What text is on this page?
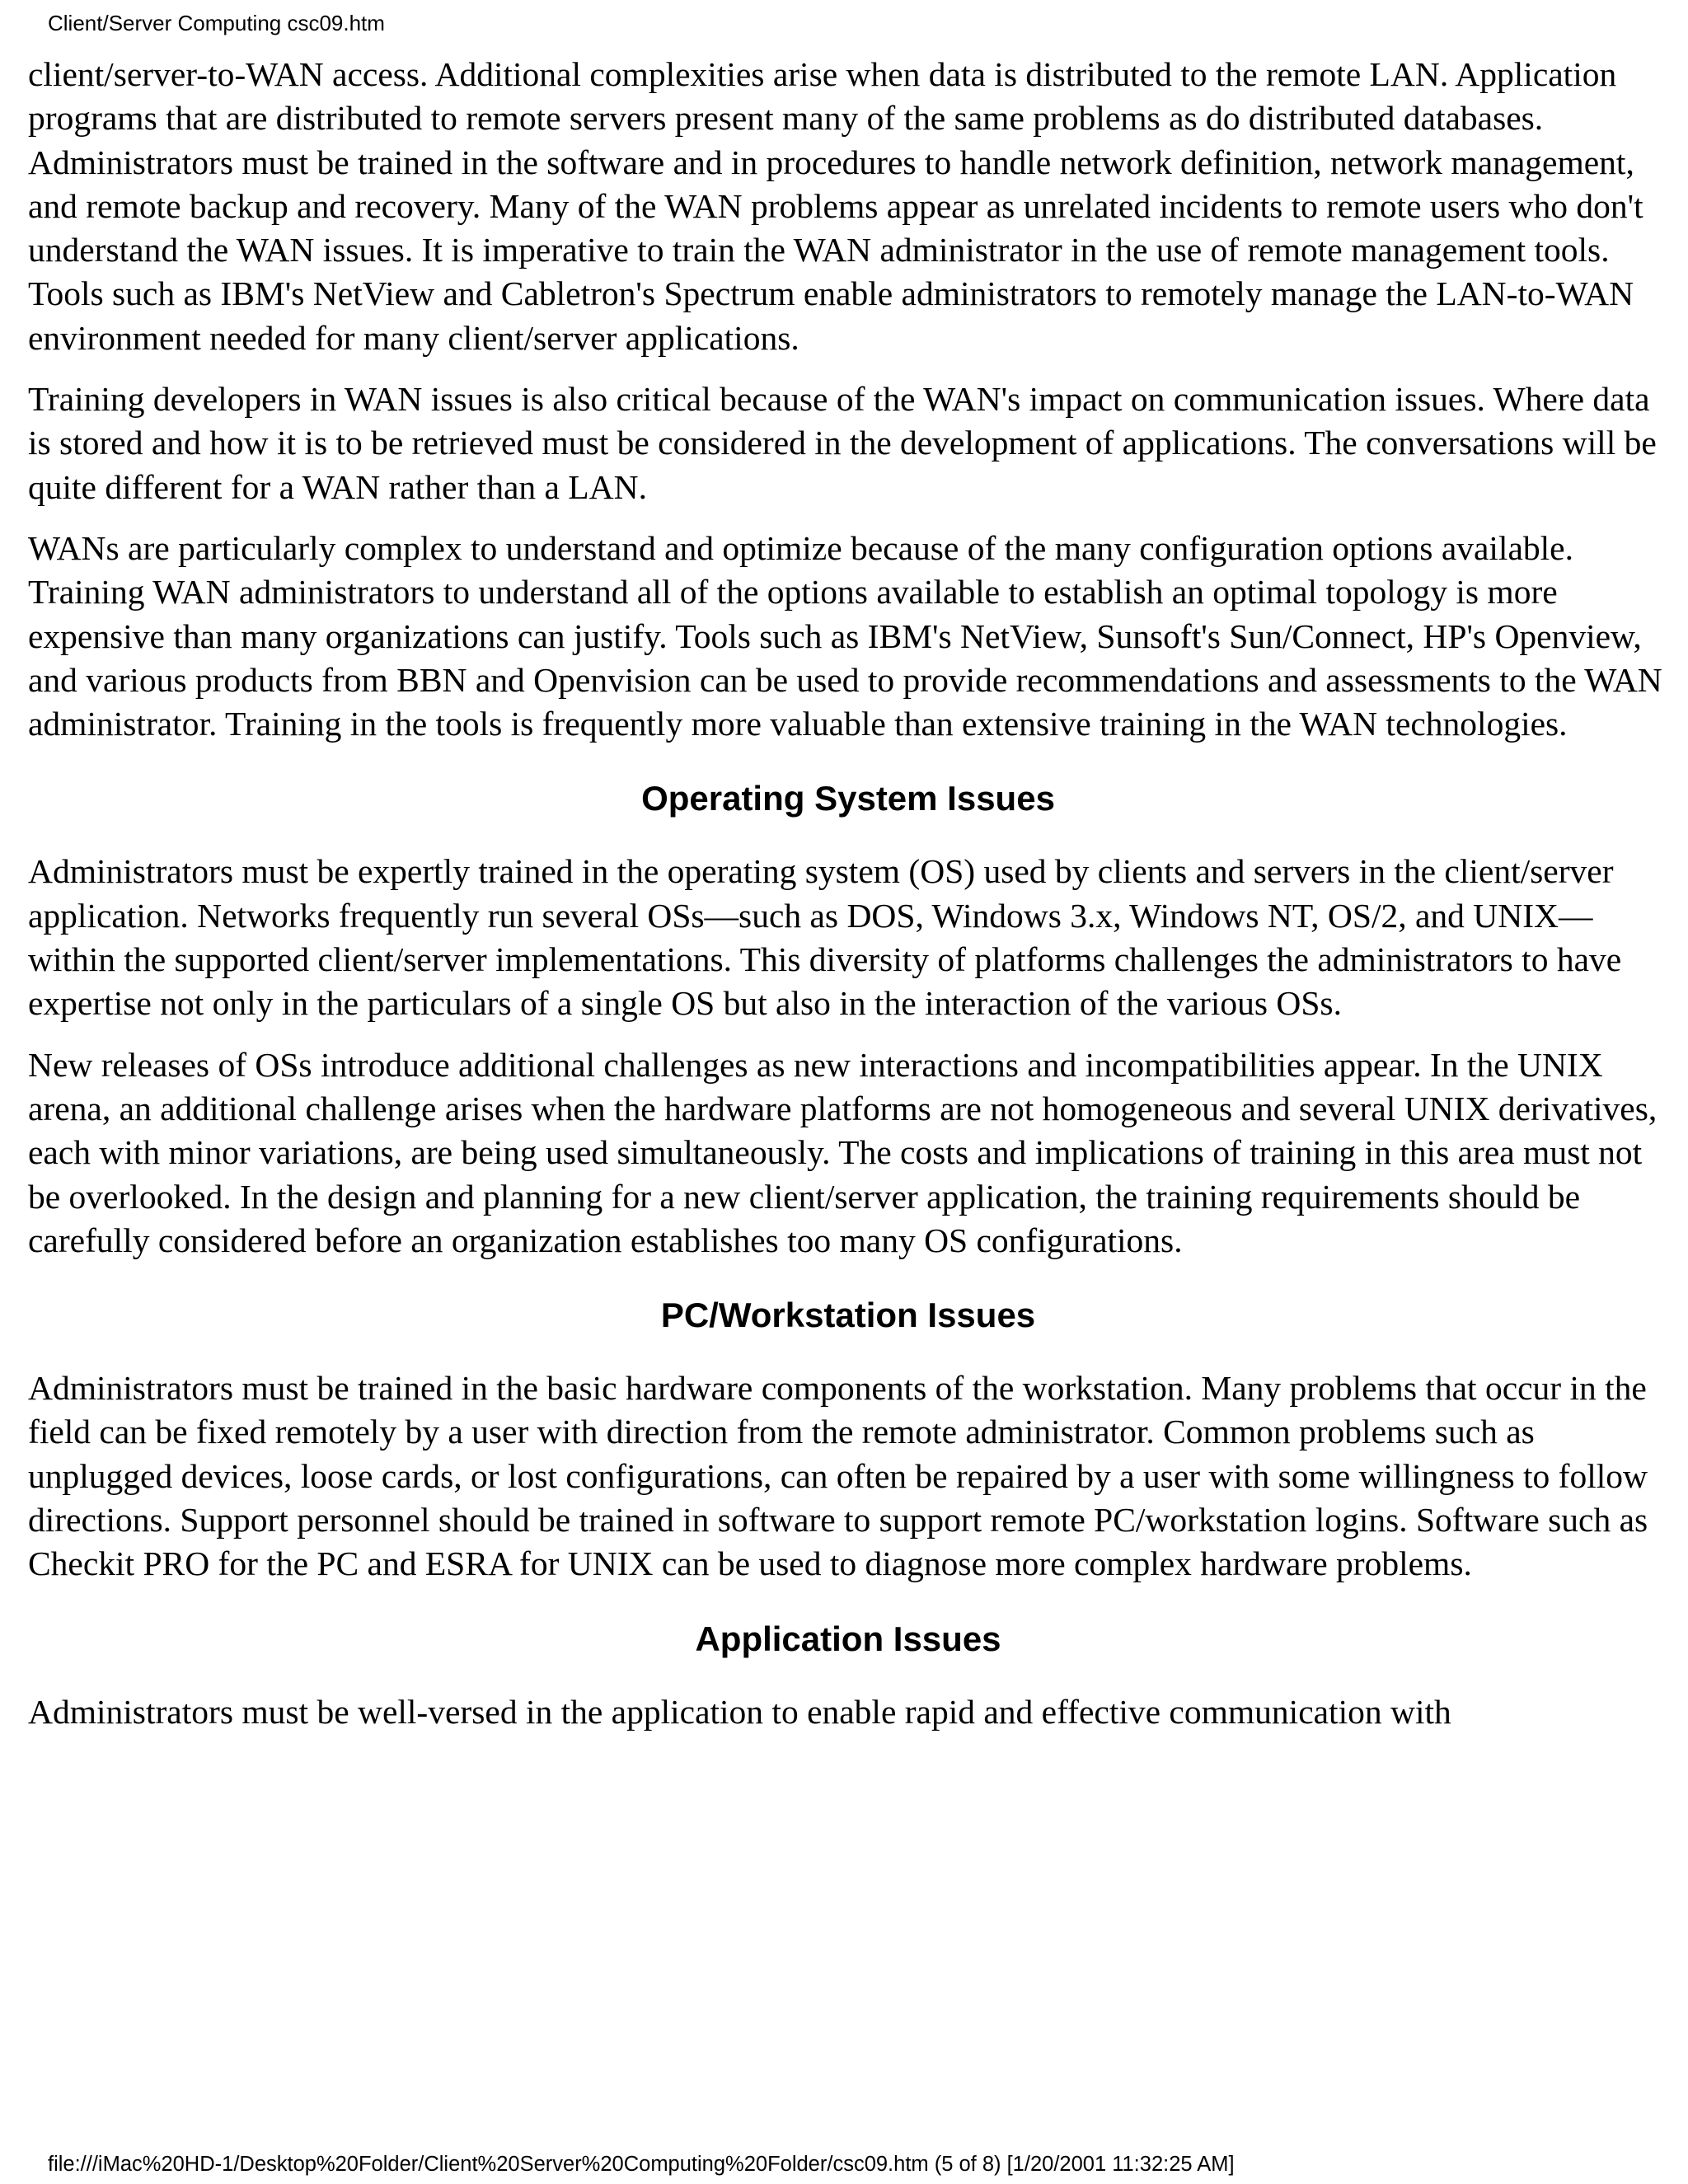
Client/Server Computing csc09.htm

client/server-to-WAN access. Additional complexities arise when data is distributed to the remote LAN. Application programs that are distributed to remote servers present many of the same problems as do distributed databases. Administrators must be trained in the software and in procedures to handle network definition, network management, and remote backup and recovery. Many of the WAN problems appear as unrelated incidents to remote users who don't understand the WAN issues. It is imperative to train the WAN administrator in the use of remote management tools. Tools such as IBM's NetView and Cabletron's Spectrum enable administrators to remotely manage the LAN-to-WAN environment needed for many client/server applications.

Training developers in WAN issues is also critical because of the WAN's impact on communication issues. Where data is stored and how it is to be retrieved must be considered in the development of applications. The conversations will be quite different for a WAN rather than a LAN.

WANs are particularly complex to understand and optimize because of the many configuration options available. Training WAN administrators to understand all of the options available to establish an optimal topology is more expensive than many organizations can justify. Tools such as IBM's NetView, Sunsoft's Sun/Connect, HP's Openview, and various products from BBN and Openvision can be used to provide recommendations and assessments to the WAN administrator. Training in the tools is frequently more valuable than extensive training in the WAN technologies.

Operating System Issues

Administrators must be expertly trained in the operating system (OS) used by clients and servers in the client/server application. Networks frequently run several OSs—such as DOS, Windows 3.x, Windows NT, OS/2, and UNIX—within the supported client/server implementations. This diversity of platforms challenges the administrators to have expertise not only in the particulars of a single OS but also in the interaction of the various OSs.

New releases of OSs introduce additional challenges as new interactions and incompatibilities appear. In the UNIX arena, an additional challenge arises when the hardware platforms are not homogeneous and several UNIX derivatives, each with minor variations, are being used simultaneously. The costs and implications of training in this area must not be overlooked. In the design and planning for a new client/server application, the training requirements should be carefully considered before an organization establishes too many OS configurations.

PC/Workstation Issues

Administrators must be trained in the basic hardware components of the workstation. Many problems that occur in the field can be fixed remotely by a user with direction from the remote administrator. Common problems such as unplugged devices, loose cards, or lost configurations, can often be repaired by a user with some willingness to follow directions. Support personnel should be trained in software to support remote PC/workstation logins. Software such as Checkit PRO for the PC and ESRA for UNIX can be used to diagnose more complex hardware problems.

Application Issues

Administrators must be well-versed in the application to enable rapid and effective communication with

file:///iMac%20HD-1/Desktop%20Folder/Client%20Server%20Computing%20Folder/csc09.htm (5 of 8) [1/20/2001 11:32:25 AM]
